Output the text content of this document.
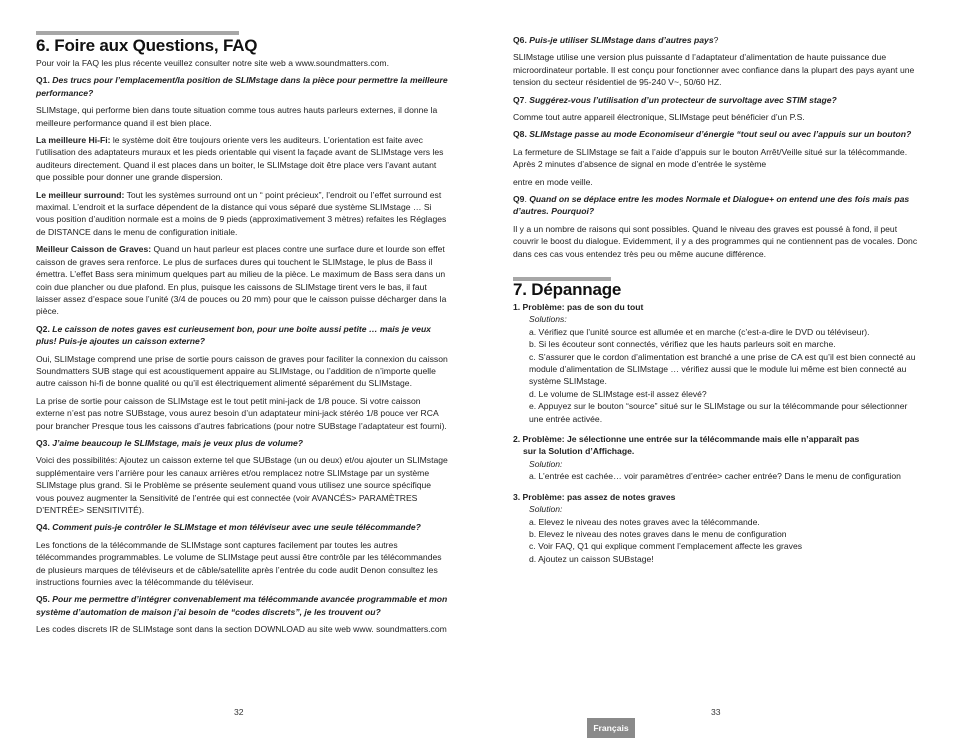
6. Foire aux Questions, FAQ

Pour voir la FAQ les plus récente veuillez consulter notre site web a www.soundmatters.com.

Q1. Des trucs pour l’emplacement/la position de SLIMstage dans la pièce pour permettre la meilleure performance?

SLIMstage, qui performe bien dans toute situation comme tous autres hauts parleurs externes, il donne la meilleure performance quand il est bien place.

La meilleure Hi-Fi: le système doit être toujours oriente vers les auditeurs. L’orientation est faite avec l’utilisation des adaptateurs muraux et les pieds orientable qui visent la façade avant de SLIMstage vers les auditeurs directement. Quand il est places dans un boiter, le SLIMstage doit être place vers l’avant autant que possible pour donner une grande dispersion.

Le meilleur surround: Tout les systèmes surround ont un “ point précieux”, l’endroit ou l’effet surround est maximal. L’endroit et la surface dépendent de la distance qui vous séparé due système SLIMstage … Si vous position d’audition normale est a moins de 9 pieds (approximativement 3 mètres) refaites les Réglages de DISTANCE dans le menu de configuration initiale.

Meilleur Caisson de Graves: Quand un haut parleur est places contre une surface dure et lourde son effet caisson de graves sera renforce. Le plus de surfaces dures qui touchent le SLIMstage, le plus de Bass il émettra. L’effet Bass sera minimum quelques part au milieu de la pièce. Le maximum de Bass sera dans un coin due plancher ou due plafond. En plus, puisque les caissons de SLIMstage tirent vers le bas, il faut laisser assez d’espace soue l’unité (3/4 de pouces ou 20 mm) pour que le caisson puisse décharger dans la pièce.

Q2. Le caisson de notes gaves est curieusement bon, pour une boite aussi petite … mais je veux plus! Puis-je ajoutes un caisson externe?

Oui, SLIMstage comprend une prise de sortie pours caisson de graves pour faciliter la connexion du caisson Soundmatters SUB stage qui est acoustiquement appaire au SLIMstage, ou l’addition de n’importe quelle autre caisson hi-fi de bonne qualité ou qu’il est électriquement alimenté séparément du SLIMstage.

La prise de sortie pour caisson de SLIMstage est le tout petit mini-jack de 1/8 pouce. Si votre caisson externe n’est pas notre SUBstage, vous aurez besoin d’un adaptateur mini-jack stéréo 1/8 pouce ver RCA pour brancher Presque tous les caissons d’autres fabrications (pour notre SUBstage l’adaptateur est fourni).

Q3. J’aime beaucoup le SLIMstage, mais je veux plus de volume?

Voici des possibilités: Ajoutez un caisson externe tel que SUBstage (un ou deux) et/ou ajouter un SLIMstage supplémentaire vers l’arrière pour les canaux arrières et/ou remplacez notre SLIMstage par un système SLIMstage plus grand. Si le Problème se présente seulement quand vous utilisez une source spécifique vous pouvez augmenter la Sensitivité de l’entrée qui est connectée (voir AVANCÉS> PARAMÈTRES D’ENTRÉE> SENSITIVITÉ).

Q4. Comment puis-je contrôler le SLIMstage et mon téléviseur avec une seule télécommande?

Les fonctions de la télécommande de SLIMstage sont captures facilement par toutes les autres télécommandes programmables. Le volume de SLIMstage peut aussi être contrôle par les télécommandes de plusieurs marques de téléviseurs et de câble/satellite après l’entrée du code audit Denon consultez les instructions fournies avec la télécommande du téléviseur.

Q5. Pour me permettre d’intégrer convenablement ma télécommande avancée programmable et mon système d’automation de maison j’ai besoin de “codes discrets”, je les trouvent ou?

Les codes discrets IR de SLIMstage sont dans la section DOWNLOAD au site web www. soundmatters.com

32

Q6. Puis-je utiliser SLIMstage dans d’autres pays?

SLIMstage utilise une version plus puissante d l’adaptateur d’alimentation de haute puissance due microordinateur portable. Il est conçu pour fonctionner avec confiance dans la plupart des pays ayant une tension du secteur résidentiel de 95-240 V~, 50/60 HZ.

Q7. Suggérez-vous l’utilisation d’un protecteur de survoltage avec STIM stage?

Comme tout autre appareil électronique, SLIMstage peut bénéficier d’un P.S.

Q8. SLIMstage passe au mode Economiseur d’énergie “tout seul ou avec l’appuis sur un bouton?

La fermeture de SLIMstage se fait a l’aide d’appuis sur le bouton Arrêt/Veille situé sur la télécommande. Après 2 minutes d’absence de signal en mode d’entrée le système

entre en mode veille.

Q9. Quand on se déplace entre les modes Normale et Dialogue+ on entend une des fois mais pas d’autres. Pourquoi?

Il y a un nombre de raisons qui sont possibles. Quand le niveau des graves est poussé à fond, il peut couvrir le boost du dialogue. Evidemment, il y a des programmes qui ne contiennent pas de vocales. Donc dans ces cas vous entendez très peu ou même aucune différence.

7. Dépannage

1. Problème: pas de son du tout

Solutions:

a. Vérifiez que l’unité source est allumée et en marche (c’est-a-dire le DVD ou téléviseur).

b. Si les écouteur sont connectés, vérifiez que les hauts parleurs soit en marche.

c. S’assurer que le cordon d’alimentation est branché a une prise de CA est qu’il est bien connecté au module d’alimentation de SLIMstage … vérifiez aussi que le module lui même est bien connecté au système SLIMstage.

d. Le volume de SLIMstage est-il assez élevé?

e. Appuyez sur le bouton “source” situé sur le SLIMstage ou sur la télécommande pour sélectionner une entrée activée.

2. Problème: Je sélectionne une entrée sur la télécommande mais elle n’apparaît pas

sur la Solution d’Affichage.

Solution:

a. L’entrée est cachée… voir paramètres d’entrée> cacher entrée? Dans le menu de configuration

3. Problème: pas assez de notes graves

Solution:

a. Elevez le niveau des notes graves avec la télécommande.

b. Elevez le niveau des notes graves dans le menu de configuration

c. Voir FAQ, Q1 qui explique comment l’emplacement affecte les graves

d. Ajoutez un caisson SUBstage!

33
Français
